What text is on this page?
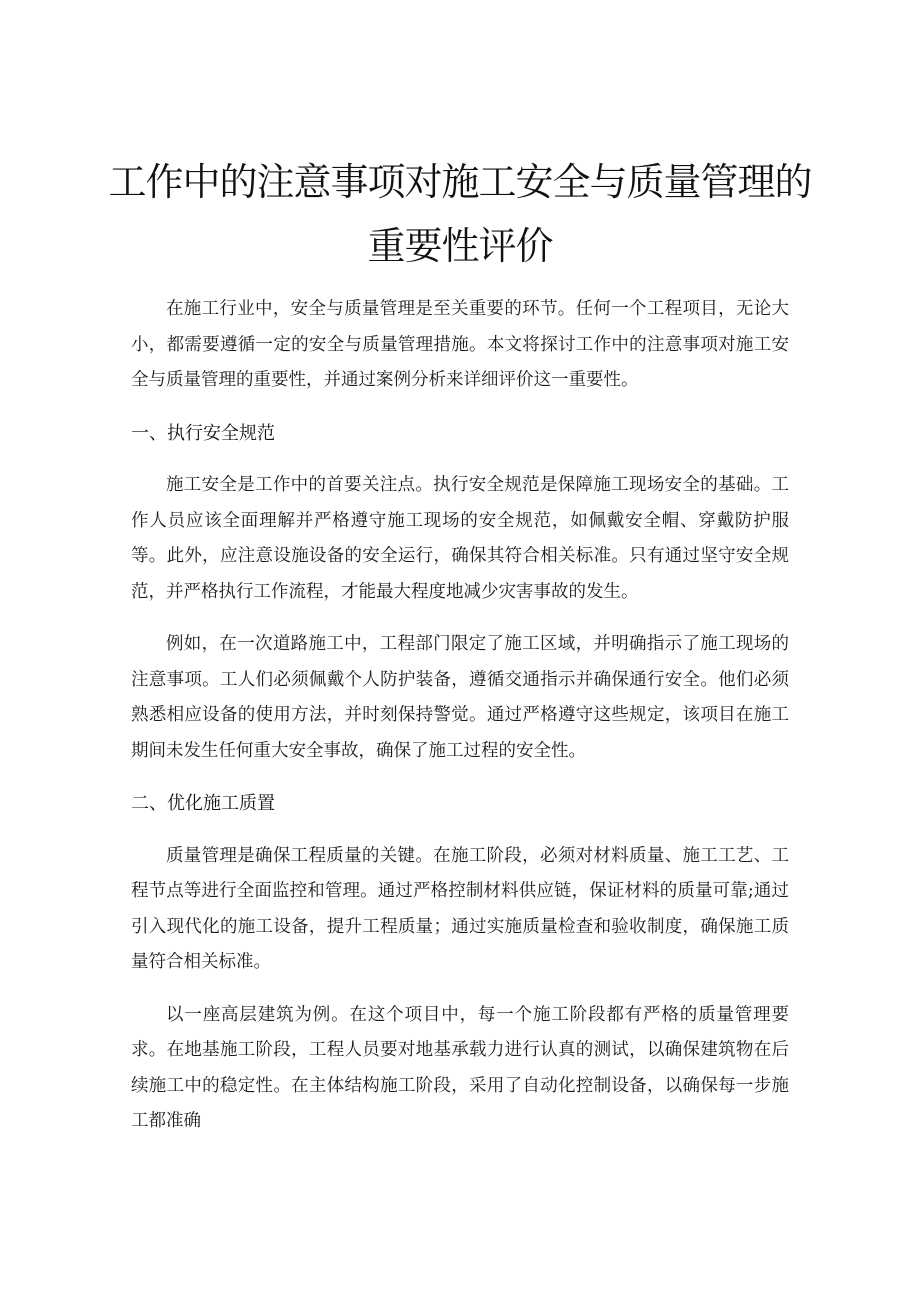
工作中的注意事项对施工安全与质量管理的
重要性评价

在施工行业中，安全与质量管理是至关重要的环节。任何一个工程项目，无论大小，都需要遵循一定的安全与质量管理措施。本文将探讨工作中的注意事项对施工安全与质量管理的重要性，并通过案例分析来详细评价这一重要性。

一、执行安全规范

施工安全是工作中的首要关注点。执行安全规范是保障施工现场安全的基础。工作人员应该全面理解并严格遵守施工现场的安全规范，如佩戴安全帽、穿戴防护服等。此外，应注意设施设备的安全运行，确保其符合相关标准。只有通过坚守安全规范，并严格执行工作流程，才能最大程度地减少灾害事故的发生。

例如，在一次道路施工中，工程部门限定了施工区域，并明确指示了施工现场的注意事项。工人们必须佩戴个人防护装备，遵循交通指示并确保通行安全。他们必须熟悉相应设备的使用方法，并时刻保持警觉。通过严格遵守这些规定，该项目在施工期间未发生任何重大安全事故，确保了施工过程的安全性。

二、优化施工质置

质量管理是确保工程质量的关键。在施工阶段，必须对材料质量、施工工艺、工程节点等进行全面监控和管理。通过严格控制材料供应链，保证材料的质量可靠;通过引入现代化的施工设备，提升工程质量；通过实施质量检查和验收制度，确保施工质量符合相关标准。

以一座高层建筑为例。在这个项目中，每一个施工阶段都有严格的质量管理要求。在地基施工阶段，工程人员要对地基承载力进行认真的测试，以确保建筑物在后续施工中的稳定性。在主体结构施工阶段，采用了自动化控制设备，以确保每一步施工都准确
